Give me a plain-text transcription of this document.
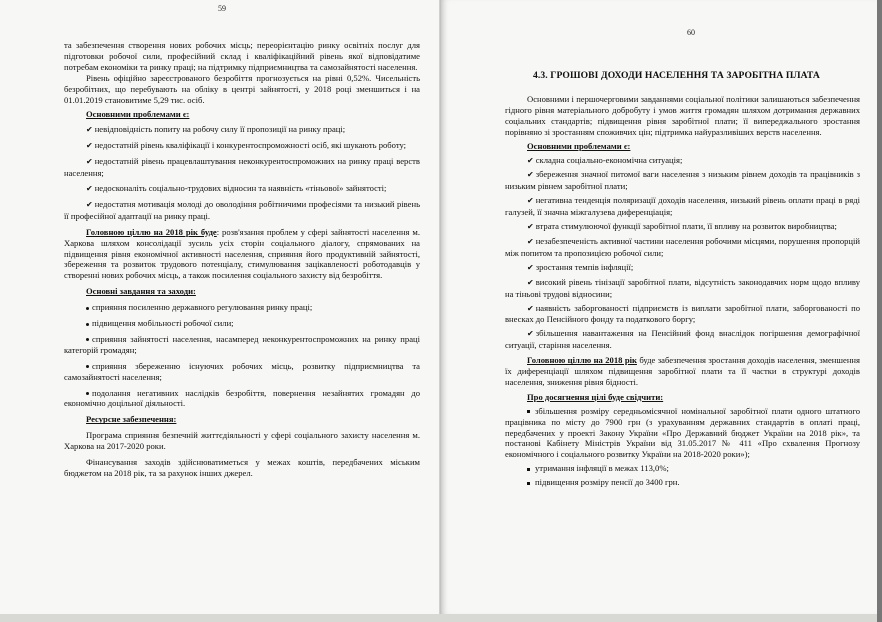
59

та забезпечення створення нових робочих місць; переорієнтацію ринку освітніх послуг для підготовки робочої сили, професійний склад і кваліфікаційний рівень якої відповідатиме потребам економіки та ринку праці; на підтримку підприємництва та самозайнятості населення.

Рівень офіційно зареєстрованого безробіття прогнозується на рівні 0,52%. Чисельність безробітних, що перебувають на обліку в центрі зайнятості, у 2018 році зменшиться і на 01.01.2019 становитиме 5,29 тис. осіб.

Основними проблемами є:

✔ невідповідність попиту на робочу силу її пропозиції на ринку праці;

✔ недостатній рівень кваліфікації і конкурентоспроможності осіб, які шукають роботу;

✔ недостатній рівень працевлаштування неконкурентоспроможних на ринку праці верств населення;

✔ недосконаліть соціально-трудових відносин та наявність «тіньової» зайнятості;

✔ недостатня мотивація молоді до оволодіння робітничими професіями та низький рівень її професійної адаптації на ринку праці.

Головною ціллю на 2018 рік буде: розв'язання проблем у сфері зайнятості населення м. Харкова шляхом консолідації зусиль усіх сторін соціального діалогу, спрямованих на підвищення рівня економічної активності населення, сприяння його продуктивній зайнятості, збереження та розвиток трудового потенціалу, стимулювання зацікавленості роботодавців у створенні нових робочих місць, а також посилення соціального захисту від безробіття.

Основні завдання та заходи:

сприяння посиленню державного регулювання ринку праці;

підвищення мобільності робочої сили;

сприяння зайнятості населення, насамперед неконкурентоспроможних на ринку праці категорій громадян;

сприяння збереженню існуючих робочих місць, розвитку підприємництва та самозайнятості населення;

подолання негативних наслідків безробіття, повернення незайнятих громадян до економічно доцільної діяльності.

Ресурсне забезпечення:

Програма сприяння безпечній життєдіяльності у сфері соціального захисту населення м. Харкова на 2017-2020 роки.

Фінансування заходів здійснюватиметься у межах коштів, передбачених міським бюджетом на 2018 рік, та за рахунок інших джерел.

60
4.3. ГРОШОВІ ДОХОДИ НАСЕЛЕННЯ ТА ЗАРОБІТНА ПЛАТА

Основними і першочерговими завданнями соціальної політики залишаються забезпечення гідного рівня матеріального добробуту і умов життя громадян шляхом дотримання державних соціальних стандартів; підвищення рівня заробітної плати; її випереджального зростання порівняно зі зростанням споживчих цін; підтримка найуразливіших верств населення.

Основними проблемами є:

✔ складна соціально-економічна ситуація;

✔ збереження значної питомої ваги населення з низьким рівнем доходів та працівників з низьким рівнем заробітної плати;

✔ негативна тенденція поляризації доходів населення, низький рівень оплати праці в ряді галузей, її значна міжгалузева диференціація;

✔ втрата стимулюючої функції заробітної плати, її впливу на розвиток виробництва;

✔ незабезпеченість активної частини населення робочими місцями, порушення пропорцій між попитом та пропозицією робочої сили;

✔ зростання темпів інфляції;

✔ високий рівень тінізації заробітної плати, відсутність законодавчих норм щодо впливу на тіньові трудові відносини;

✔ наявність заборгованості підприємств із виплати заробітної плати, заборгованості по внесках до Пенсійного фонду та податкового боргу;

✔ збільшення навантаження на Пенсійний фонд внаслідок погіршення демографічної ситуації, старіння населення.

Головною ціллю на 2018 рік буде забезпечення зростання доходів населення, зменшення їх диференціації шляхом підвищення заробітної плати та її частки в структурі доходів населення, зниження рівня бідності.

Про досягнення цілі буде свідчити:

збільшення розміру середньомісячної номінальної заробітної плати одного штатного працівника по місту до 7900 грн (з урахуванням державних стандартів в оплаті праці, передбачених у проекті Закону України «Про Державний бюджет України на 2018 рік», та постанові Кабінету Міністрів України від 31.05.2017 № 411 «Про схвалення Прогнозу економічного і соціального розвитку України на 2018-2020 роки»);

утримання інфляції в межах 113,0%;

підвищення розміру пенсії до 3400 грн.
